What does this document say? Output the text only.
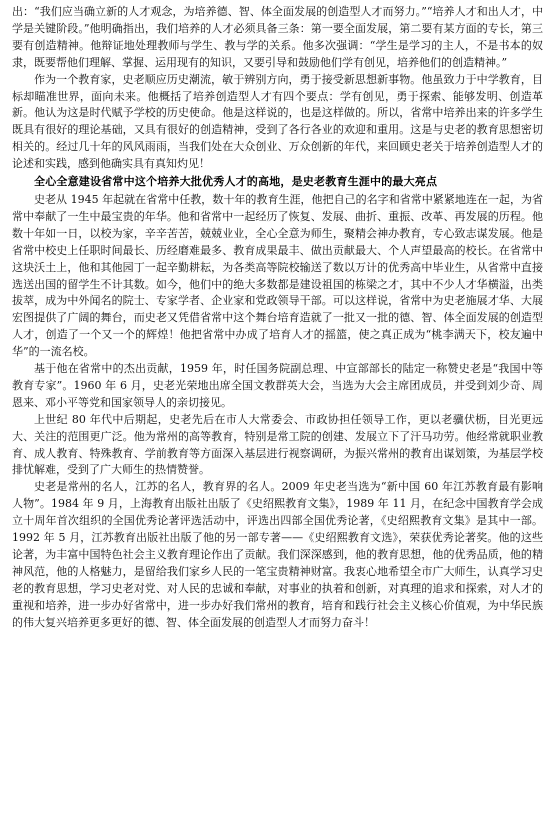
出：“我们应当确立新的人才观念，为培养德、智、体全面发展的创造型人才而努力。”“培养人才和出人才，中学是关键阶段。”他明确指出，我们培养的人才必须具备三条：第一要全面发展，第二要有某方面的专长，第三要有创造精神。他辩证地处理教师与学生、教与学的关系。他多次强调：“学生是学习的主人，不是书本的奴隶，既要帮他们理解、掌握、运用现有的知识，又要引导和鼓励他们学有创见，培养他们的创造精神。”

作为一个教育家，史老顺应历史潮流，敏于辨别方向，勇于接受新思想新事物。他虽致力于中学教育，目标却瞄准世界，面向未来。他概括了培养创造型人才有四个要点：学有创见，勇于探索、能够发明、创造革新。他认为这是时代赋予学校的历史使命。他是这样说的，也是这样做的。所以，省常中培养出来的许多学生既具有很好的理论基础，又具有很好的创造精神，受到了各行各业的欢迎和重用。这是与史老的教育思想密切相关的。经过几十年的风风雨雨，当我们处在大众创业、万众创新的年代，来回顾史老关于培养创造型人才的论述和实践，感到他确实具有真知灼见！

全心全意建设省常中这个培养大批优秀人才的高地，是史老教育生涯中的最大亮点

史老从 1945 年起就在省常中任教，数十年的教育生涯，他把自己的名字和省常中紧紧地连在一起，为省常中奉献了一生中最宝贵的年华。他和省常中一起经历了恢复、发展、曲折、重振、改革、再发展的历程。他数十年如一日，以校为家，辛辛苦苦，兢兢业业，全心全意为师生，聚精会神办教育，专心致志谋发展。他是省常中校史上任职时间最长、历经磨难最多、教育成果最丰、做出贡献最大、个人声望最高的校长。在省常中这块沃土上，他和其他园丁一起辛勤耕耘，为各类高等院校输送了数以万计的优秀高中毕业生，从省常中直接选送出国的留学生不计其数。如今，他们中的绝大多数都是建设祖国的栋梁之才，其中不少人才华横溢，出类拔萃，成为中外闻名的院士、专家学者、企业家和党政领导干部。可以这样说，省常中为史老施展才华、大展宏图提供了广阔的舞台，而史老又凭借省常中这个舞台培育造就了一批又一批的德、智、体全面发展的创造型人才，创造了一个又一个的辉煌！他把省常中办成了培育人才的摇篮，使之真正成为“桃李满天下，校友遍中华”的一流名校。

基于他在省常中的杰出贡献，1959 年，时任国务院副总理、中宣部部长的陆定一称赞史老是“我国中等教育专家”。1960 年 6 月，史老光荣地出席全国文教群英大会，当选为大会主席团成员，并受到刘少奇、周恩来、邓小平等党和国家领导人的亲切接见。

上世纪 80 年代中后期起，史老先后在市人大常委会、市政协担任领导工作，更以老骥伏枥，目光更远大、关注的范围更广泛。他为常州的高等教育，特别是常工院的创建、发展立下了汗马功劳。他经常就职业教育、成人教育、特殊教育、学前教育等方面深入基层进行视察调研，为振兴常州的教育出谋划策，为基层学校排忧解难，受到了广大师生的热情赞誉。

史老是常州的名人，江苏的名人，教育界的名人。2009 年史老当选为“新中国 60 年江苏教育最有影响人物”。1984 年 9 月，上海教育出版社出版了《史绍熙教育文集》，1989 年 11 月，在纪念中国教育学会成立十周年首次组织的全国优秀论著评选活动中，评选出四部全国优秀论著，《史绍熙教育文集》是其中一部。1992 年 5 月，江苏教育出版社出版了他的另一部专著——《史绍熙教育文选》，荣获优秀论著奖。他的这些论著，为丰富中国特色社会主义教育理论作出了贡献。我们深深感到，他的教育思想，他的优秀品质，他的精神风范，他的人格魅力，是留给我们家乡人民的一笔宝贵精神财富。我衷心地希望全市广大师生，认真学习史老的教育思想，学习史老对党、对人民的忠诚和奉献，对事业的执着和创新，对真理的追求和探索，对人才的重视和培养，进一步办好省常中，进一步办好我们常州的教育，培育和践行社会主义核心价值观，为中华民族的伟大复兴培养更多更好的德、智、体全面发展的创造型人才而努力奋斗！
